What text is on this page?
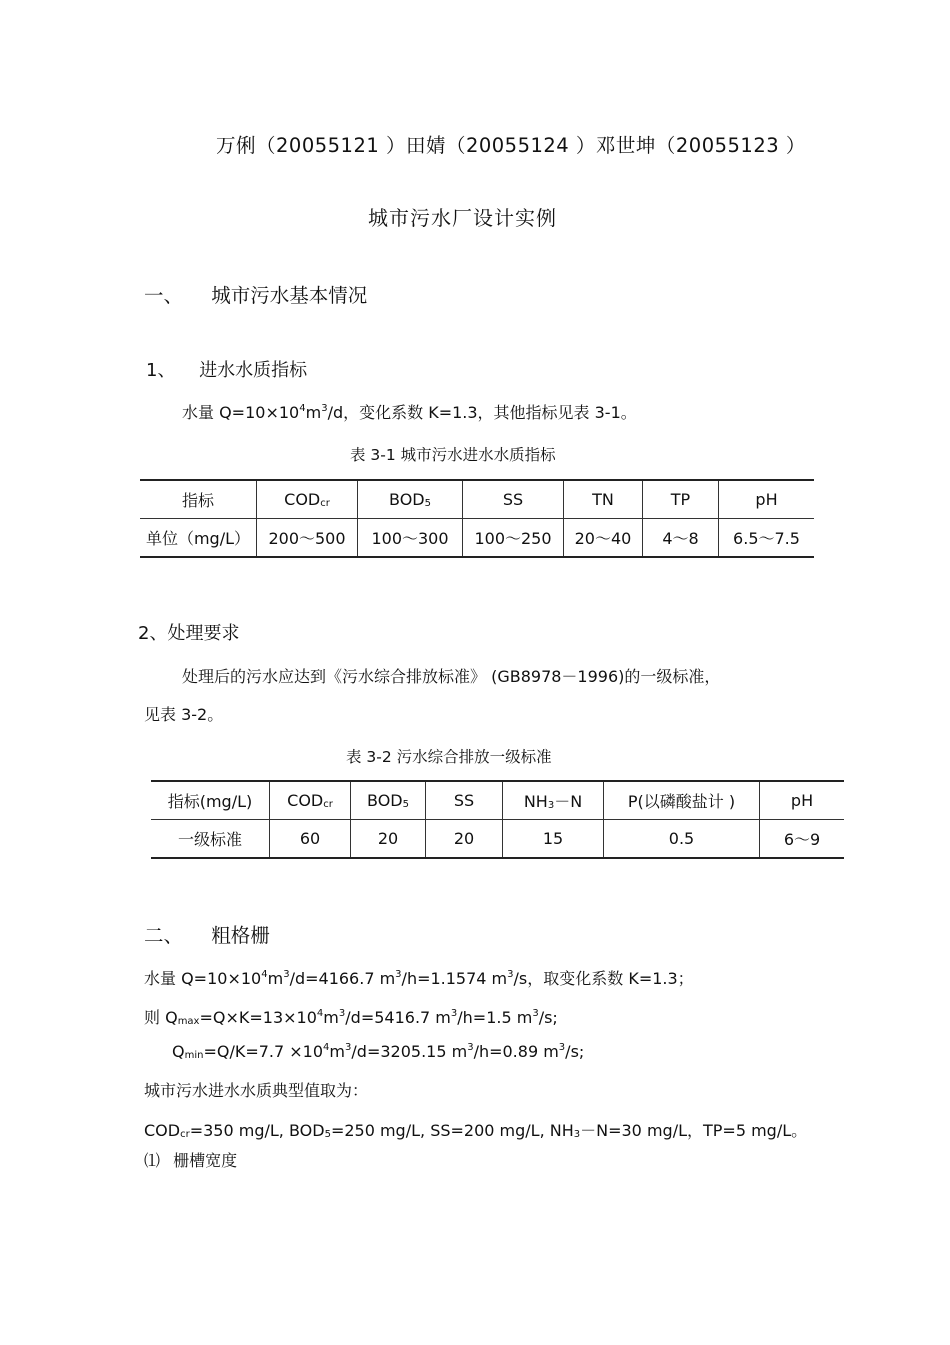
万俐（20055121 ）田婧（20055124 ）邓世坤（20055123 ）
城市污水厂设计实例
一、 城市污水基本情况
1、 进水水质指标
水量 $Q=10\times 10^4m^3/d$，变化系数 K=1.3，其他指标见表 3-1。
表 3-1 城市污水进水水质指标
指标	$COD_{cr}$	$BOD_5$	SS	TN	TP	pH
单位（mg/L）	200～500	100～300	100～250	20～40	4～8	6.5～7.5
2、处理要求
处理后的污水应达到《污水综合排放标准》 (GB8978－1996)的一级标准，
见表 3-2。
表 3-2 污水综合排放一级标准
指标(mg/L)	$COD_{cr}$	$BOD_5$	SS	$NH_3-N$	P(以磷酸盐计 )	pH
一级标准	60	20	20	15	0.5	6～9
二、 粗格栅
水量 $Q=10\times 10^4m^3/d=4166.7$ $m^3/h=1.1574$ $m^3/s$，取变化系数 K=1.3；
则 $Q_{max}=Q\times K=13\times 10^4m^3/d=5416.7$ $m^3/h=1.5$ $m^3/s$;
$Q_{min}=Q/K=7.7 \times 10^4m^3/d=3205.15$ $m^3/h=0.89$ $m^3/s$;
城市污水进水水质典型值取为：
$COD_{cr}=350$ mg/L, $BOD_5=250$ mg/L, SS=200 mg/L, $NH_3-N=30$ mg/L，TP=5 mg/L。
⑴ 栅槽宽度
